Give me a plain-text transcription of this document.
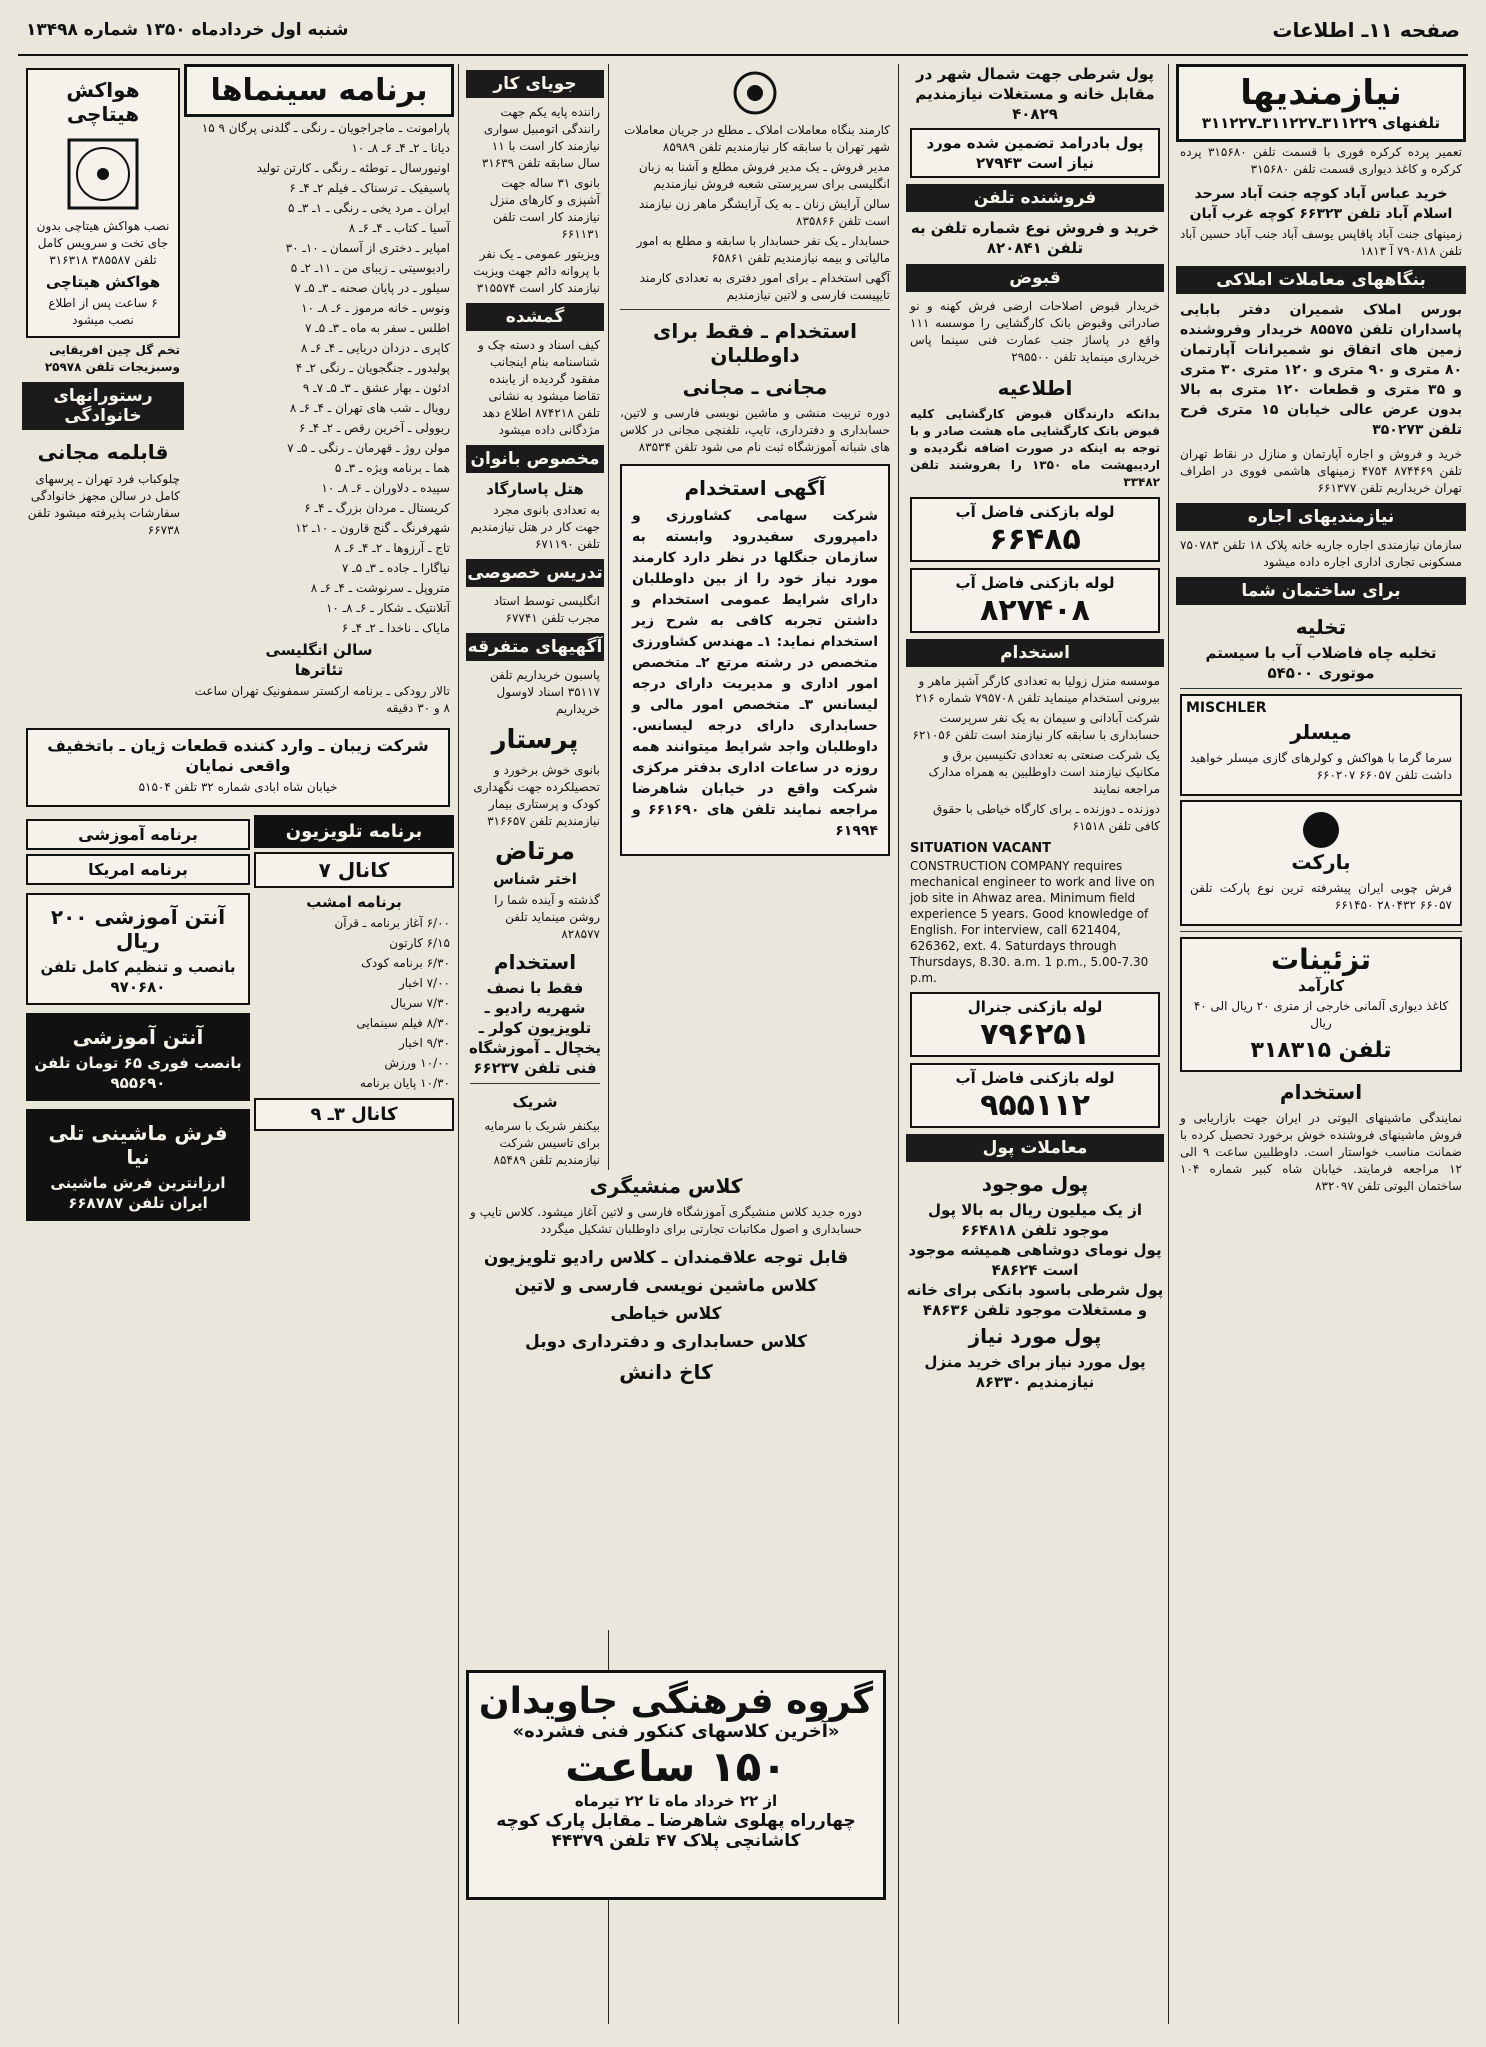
صفحه ۱۱ـ اطلاعات
شنبه اول خردادماه ۱۳۵۰ شماره ۱۳۴۹۸
نیازمندیها
تلفنهای ۳۱۱۲۲۹ـ۳۱۱۲۲۷ـ۳۱۱۲۲۷
تعمیر پرده کرکره فوری با قسمت تلفن ۳۱۵۶۸۰ پرده کرکره و کاغذ دیواری قسمت تلفن ۳۱۵۶۸۰
خرید عباس آباد کوچه جنت آباد سرحد اسلام آباد تلفن ۶۶۳۲۳ کوچه غرب آبان
زمینهای جنت آباد پاقاپس یوسف آباد جنب آباد حسین آباد تلفن ۷۹۰۸۱۸ آ ۱۸۱۳
بنگاههای معاملات املاکی
بورس املاک شمیران دفتر بابایی پاسداران تلفن ۸۵۵۷۵ خریدار وفروشنده زمین های اتفاق نو شمیرانات آپارتمان ۸۰ متری و ۹۰ متری و ۱۲۰ متری ۳۰ متری و ۳۵ متری و قطعات ۱۲۰ متری به بالا بدون عرض عالی خیابان ۱۵ متری فرح تلفن ۳۵۰۲۷۳
خرید و فروش و اجاره آپارتمان و منازل در نقاط تهران تلفن ۸۷۴۴۶۹ ۴۷۵۴ زمینهای هاشمی فووی در اطراف تهران خریداریم تلفن ۶۶۱۳۷۷
نیازمندیهای اجاره
سازمان نیازمندی اجاره جاریه خانه پلاک ۱۸ تلفن ۷۵۰۷۸۳ مسکونی تجاری اداری اجاره داده میشود
برای ساختمان شما
تخلیه
تخلیه چاه فاضلاب آب با سیستم موتوری ۵۴۵۰۰
MISCHLER
میسلر
سرما گرما با هواکش و کولرهای گازی میسلر خواهید داشت تلفن ۶۶۰۵۷ ۶۶۰۲۰۷
BW
بارکت
فرش چوبی ایران پیشرفته ترین نوع پارکت تلفن ۶۶۰۵۷ ۲۸۰۴۳۲ ۶۶۱۴۵۰
تزئینات
کارآمد
کاغذ دیواری آلمانی خارجی از متری ۲۰ ریال الی ۴۰ ریال
تلفن ۳۱۸۳۱۵
استخدام
نمایندگی ماشینهای الیوتی در ایران جهت بازاریابی و فروش ماشینهای فروشنده خوش برخورد تحصیل کرده با ضمانت مناسب خواستار است. داوطلبین ساعت ۹ الی ۱۲ مراجعه فرمایند. خیابان شاه کبیر شماره ۱۰۴ ساختمان الیوتی تلفن ۸۳۲۰۹۷
پول شرطی جهت شمال شهر در مقابل خانه و مستغلات نیازمندیم ۴۰۸۲۹
پول بادرامد تضمین شده مورد نیاز است ۲۷۹۴۳
فروشنده تلفن
خرید و فروش نوع شماره تلفن به تلفن ۸۲۰۸۴۱
قبوض
خریدار قبوض اصلاحات ارضی فرش کهنه و نو صادراتی وقبوض بانک کارگشایی را موسسه ۱۱۱ واقع در پاساژ جنب عمارت فنی سینما پاس خریداری مینماید تلفن ۲۹۵۵۰۰
اطلاعیه
بدانکه دارندگان قبوض کارگشایی کلیه قبوض بانک کارگشایی ماه هشت صادر و با توجه به اینکه در صورت اضافه نگردیده و اردیبهشت ماه ۱۳۵۰ را بفروشند تلفن ۳۳۴۸۲
لوله بازکنی فاضل آب
۶۶۴۸۵
لوله بازکنی فاضل آب
۸۲۷۴۰۸
استخدام
موسسه منزل زولیا به تعدادی کارگر آشپز ماهر و بیرونی استخدام مینماید تلفن ۷۹۵۷۰۸ شماره ۲۱۶
شرکت آبادانی و سیمان به یک نفر سرپرست حسابداری با سابقه کار نیازمند است تلفن ۶۲۱۰۵۶
یک شرکت صنعتی به تعدادی تکنیسین برق و مکانیک نیازمند است داوطلبین به همراه مدارک مراجعه نمایند
دوزنده ـ دوزنده ـ برای کارگاه خیاطی با حقوق کافی تلفن ۶۱۵۱۸
SITUATION VACANT
CONSTRUCTION COMPANY requires mechanical engineer to work and live on job site in Ahwaz area. Minimum field experience 5 years. Good knowledge of English. For interview, call 621404, 626362, ext. 4. Saturdays through Thursdays, 8.30. a.m. 1 p.m., 5.00-7.30 p.m.
لوله بازکنی جنرال
۷۹۶۲۵۱
لوله بازکنی فاضل آب
۹۵۵۱۱۲
معاملات پول
پول موجود
از یک میلیون ریال به بالا پول موجود تلفن ۶۶۴۸۱۸
پول نومای دوشاهی همیشه موجود است ۴۸۶۲۴
پول شرطی باسود بانکی برای خانه و مستغلات موجود تلفن ۴۸۶۳۶
پول مورد نیاز
پول مورد نیاز برای خرید منزل نیازمندیم ۸۶۳۳۰
کارمند بنگاه معاملات املاک ـ مطلع در جریان معاملات شهر تهران با سابقه کار نیازمندیم تلفن ۸۵۹۸۹
مدیر فروش ـ یک مدیر فروش مطلع و آشنا به زبان انگلیسی برای سرپرستی شعبه فروش نیازمندیم
سالن آرایش زنان ـ به یک آرایشگر ماهر زن نیازمند است تلفن ۸۳۵۸۶۶
حسابدار ـ یک نفر حسابدار با سابقه و مطلع به امور مالیاتی و بیمه نیازمندیم تلفن ۶۵۸۶۱
آگهی استخدام ـ برای امور دفتری به تعدادی کارمند تایپیست فارسی و لاتین نیازمندیم
استخدام ـ فقط برای داوطلبان
مجانی ـ مجانی
دوره تربیت منشی و ماشین نویسی فارسی و لاتین، حسابداری و دفترداری، تایپ، تلفنچی مجانی در کلاس های شبانه آموزشگاه ثبت نام می شود تلفن ۸۳۵۳۴
آگهی استخدام
شرکت سهامی کشاورزی و دامپروری سفیدرود وابسته به سازمان جنگلها در نظر دارد کارمند مورد نیاز خود را از بین داوطلبان دارای شرایط عمومی استخدام و داشتن تجربه کافی به شرح زیر استخدام نماید: ۱ـ مهندس کشاورزی متخصص در رشته مرتع ۲ـ متخصص امور اداری و مدیریت دارای درجه لیسانس ۳ـ متخصص امور مالی و حسابداری دارای درجه لیسانس. داوطلبان واجد شرایط میتوانند همه روزه در ساعات اداری بدفتر مرکزی شرکت واقع در خیابان شاهرضا مراجعه نمایند تلفن های ۶۶۱۶۹۰ و ۶۱۹۹۴
جویای کار
راننده پایه یکم جهت رانندگی اتومبیل سواری نیازمند کار است با ۱۱ سال سابقه تلفن ۳۱۶۳۹
بانوی ۳۱ ساله جهت آشپزی و کارهای منزل نیازمند کار است تلفن ۶۶۱۱۳۱
ویزیتور عمومی ـ یک نفر با پروانه دائم جهت ویزیت نیازمند کار است ۳۱۵۵۷۴
گمشده
کیف اسناد و دسته چک و شناسنامه بنام اینجانب مفقود گردیده از یابنده تقاضا میشود به نشانی تلفن ۸۷۴۲۱۸ اطلاع دهد مژدگانی داده میشود
مخصوص بانوان
هتل پاسارگاد
به تعدادی بانوی مجرد جهت کار در هتل نیازمندیم تلفن ۶۷۱۱۹۰
تدریس خصوصی
انگلیسی توسط استاد مجرب تلفن ۶۷۷۴۱
آگهیهای متفرقه
پاسبون خریداریم تلفن ۳۵۱۱۷ اسناد لاوسول خریداریم
پرستار
بانوی خوش برخورد و تحصیلکرده جهت نگهداری کودک و پرستاری بیمار نیازمندیم تلفن ۳۱۶۶۵۷
مرتاض
اختر شناس
گذشته و آینده شما را روشن مینماید تلفن ۸۲۸۵۷۷
استخدام
فقط با نصف شهریه رادیو ـ تلویزیون کولر ـ یخچال ـ آموزشگاه فنی تلفن ۶۶۲۳۷
شریک
بیکنفر شریک با سرمایه برای تاسیس شرکت نیازمندیم تلفن ۸۵۴۸۹
کلاس منشیگری
دوره جدید کلاس منشیگری آموزشگاه فارسی و لاتین آغاز میشود. کلاس تایپ و حسابداری و اصول مکاتبات تجارتی برای داوطلبان تشکیل میگردد
قابل توجه علاقمندان ـ کلاس رادیو تلویزیون
کلاس ماشین نویسی فارسی و لاتین
کلاس خیاطی
کلاس حسابداری و دفترداری دوبل
کاخ دانش
گروه فرهنگی جاویدان
«آخرین کلاسهای کنکور فنی فشرده»
۱۵۰ ساعت
از ۲۲ خرداد ماه تا ۲۲ تیرماه
چهارراه پهلوی شاهرضا ـ مقابل پارک کوچه کاشانچی پلاک ۴۷ تلفن ۴۴۳۷۹
برنامه سینماها
پارامونت ـ ماجراجویان ـ رنگی ـ گلدنی پرگان ۹ ۱۵
دیانا ـ ۲ـ ۴ـ ۶ـ ۸ـ ۱۰
اونیورسال ـ توطئه ـ رنگی ـ کارتن تولید
پاسیفیک ـ ترسناک ـ فیلم ۲ـ ۴ـ ۶
ایران ـ مرد یخی ـ رنگی ـ ۱ـ ۳ـ ۵
آسیا ـ کتاب ـ ۴ـ ۶ـ ۸
امپایر ـ دختری از آسمان ـ ۱۰ـ ۳۰
رادیوسیتی ـ زیبای من ـ ۱۱ـ ۲ـ ۵
سیلور ـ در پایان صحنه ـ ۳ـ ۵ـ ۷
ونوس ـ خانه مرموز ـ ۶ـ ۸ـ ۱۰
اطلس ـ سفر به ماه ـ ۳ـ ۵ـ ۷
کاپری ـ دزدان دریایی ـ ۴ـ ۶ـ ۸
پولیدور ـ جنگجویان ـ رنگی ۲ـ ۴
ادئون ـ بهار عشق ـ ۳ـ ۵ـ ۷ـ ۹
رویال ـ شب های تهران ـ ۴ـ ۶ـ ۸
ریوولی ـ آخرین رقص ـ ۲ـ ۴ـ ۶
مولن روژ ـ قهرمان ـ رنگی ـ ۵ـ ۷
هما ـ برنامه ویژه ـ ۳ـ ۵
سپیده ـ دلاوران ـ ۶ـ ۸ـ ۱۰
کریستال ـ مردان بزرگ ـ ۴ـ ۶
شهرفرنگ ـ گنج قارون ـ ۱۰ـ ۱۲
تاج ـ آرزوها ـ ۲ـ ۴ـ ۶ـ ۸
نیاگارا ـ جاده ـ ۳ـ ۵ـ ۷
متروپل ـ سرنوشت ـ ۴ـ ۶ـ ۸
آتلانتیک ـ شکار ـ ۶ـ ۸ـ ۱۰
مایاک ـ ناخدا ـ ۲ـ ۴ـ ۶
سالن انگلیسی
تئاترها
تالار رودکی ـ برنامه ارکستر سمفونیک تهران ساعت ۸ و ۳۰ دقیقه
هواکش هیتاچی
نصب هواکش هیتاچی بدون جای تخت و سرویس کامل تلفن ۳۸۵۵۸۷ ۳۱۶۳۱۸
هواکش هیتاچی
۶ ساعت پس از اطلاع نصب میشود
تخم گل چین افریقایی وسبزیجات تلفن ۲۵۹۷۸
رستورانهای خانوادگی
قابلمه مجانی
چلوکباب فرد تهران ـ پرسهای کامل در سالن مجهز خانوادگی سفارشات پذیرفته میشود تلفن ۶۶۷۳۸
شرکت زیبان ـ وارد کننده قطعات ژیان ـ باتخفیف واقعی نمایان
خیابان شاه ابادی شماره ۳۲ تلفن ۵۱۵۰۴
برنامه تلویزیون
کانال ۷
برنامه امشب
۶/۰۰ آغاز برنامه ـ قرآن
۶/۱۵ کارتون
۶/۳۰ برنامه کودک
۷/۰۰ اخبار
۷/۳۰ سریال
۸/۳۰ فیلم سینمایی
۹/۳۰ اخبار
۱۰/۰۰ ورزش
۱۰/۳۰ پایان برنامه
کانال ۳ـ ۹
برنامه آموزشی
برنامه امریکا
آنتن آموزشی ۲۰۰ ریال
بانصب و تنظیم کامل تلفن ۹۷۰۶۸۰
آنتن آموزشی
بانصب فوری ۶۵ تومان تلفن ۹۵۵۶۹۰
فرش ماشینی تلی نیا
ارزانترین فرش ماشینی ایران تلفن ۶۶۸۷۸۷
